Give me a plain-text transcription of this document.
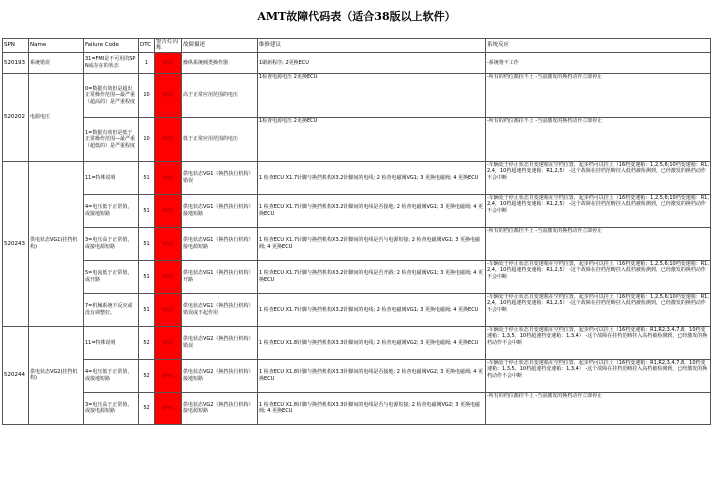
AMT故障代码表（适合38版以上软件）
SPN	Name	Failure Code	DTC	警告灯闪烁	故障描述	维修建议	系统反应
520193	系统错误	31=FMI是不可用的SPN或存在的状态	1	警告灯	操纵系统阀类操作器	1刷新程序; 2更换ECU	-系统将不工作
520202	电源电压	0=数据有效但是超出正常操作范围—最严重（超高的）是严重程度	10	警告灯	高于正常应用范围的电压	1检查电源电压 2更换ECU	-所有的档位都挂不上 -当前激发的换档动作立即停止
		1=数据有效但是低于正常操作范围—最严重（超低的）是严重程度	10	警告灯	低于正常应用范围的电压	1检查电源电压 2更换ECU	-所有的档位都挂不上 -当前激发的换档动作立即停止
520243	供电状态VG1(挂挡机构)	11=特殊说明	51	警告灯	供电状态VG1（换挡执行机构）错误	1 检查ECU X1.7针脚与换挡机构X3.2针脚间的电线; 2 检查电磁阀VG1; 3 更换电磁阀; 4 更换ECU	-车辆处于停止状态且变速箱在空档位置，起步档可以挂上（16档变速箱：1,2,5,6;10档变速箱：R1,2,4，10档超速档变速箱：R1,2,5） -这个故障在挂档范畴挂入低档被检测到，已经激发的换档动作不会中断
		4=电压低于正常值，或接地短路	51	警告灯	供电状态VG1（换挡执行机构）接地短路	1 检查ECU X1.7针脚与换挡机构X3.2针脚间的电线是否接地; 2 检查电磁阀VG1; 3 更换电磁阀; 4 更换ECU	-车辆处于停止状态且变速箱在空档位置，起步档可以挂上（16档变速箱：1,2,5,6;10档变速箱：R1,2,4，10档超速档变速箱：R1,2,5） -这个故障在挂档范畴挂入低档被检测到，已经激发的换档动作不会中断
		3=电压高于正常值，或接电源短路	51	警告灯	供电状态VG1（换挡执行机构）接电源短路	1 检查ECU X1.7针脚与换挡机构X3.2针脚间的电线是否与电源短接; 2 检查电磁阀VG1; 3 更换电磁阀; 4 更换ECU	-所有的档位都挂不上 -当前激发的换档动作立即停止
		5=电流低于正常值，或开路	51	警告灯	供电状态VG1（换挡执行机构）开路	1 检查ECU X1.7针脚与换挡机构X3.2针脚间的电线是否开路; 2 检查电磁阀VG1; 3 更换电磁阀; 4 更换ECU	-车辆处于停止状态且变速箱在空档位置，起步档可以挂上（16档变速箱：1,2,5,6;10档变速箱：R1,2,4，10档超速档变速箱：R1,2,5） -这个故障在挂档范畴挂入低档被检测到，已经激发的换档动作不会中断
		7=机械系统不反应或没有调整好。	51	警告灯	供电状态VG1（换挡执行机构）错误或不起作用	1 检查ECU X1.7针脚与换挡机构X3.2针脚间的电线; 2 检查电磁阀VG1; 3 更换电磁阀; 4 更换ECU	-车辆处于停止状态且变速箱在空档位置，起步档可以挂上（16档变速箱：1,2,5,6;10档变速箱：R1,2,4，10档超速档变速箱：R1,2,5） -这个故障在挂档范畴挂入低档被检测到，已经激发的换档动作不会中断
520244	供电状态VG2(挂挡机构)	11=特殊说明	52	警告灯	供电状态VG2（换挡执行机构）错误	1 检查ECU X1.8针脚与换挡机构X3.3针脚间的电线; 2 检查电磁阀VG2; 3 更换电磁阀; 4 更换ECU	-车辆处于停止状态且变速箱在空档位置，起步档可以挂上（16档变速箱：R1,R2,3,4,7,8，10档变速箱：1,3,5，10档超速档变速箱：1,3,4） -这个故障在挂档范畴挂入高档被检测到，已经激发的换档动作不会中断
		4=电压低于正常值，或接地短路	52	警告灯	供电状态VG2（换挡执行机构）接地短路	1 检查ECU X1.8针脚与换挡机构X3.3针脚间的电线是否接地; 2 检查电磁阀VG2; 3 更换电磁阀; 4 更换ECU	-车辆处于停止状态且变速箱在空档位置，起步档可以挂上（16档变速箱：R1,R2,3,4,7,8，10档变速箱：1,3,5，10档超速档变速箱：1,3,4） -这个故障在挂档范畴挂入高档被检测到，已经激发的换档动作不会中断
		3=电压高于正常值，或接电源短路	52	警告灯	供电状态VG2（换挡执行机构）接电源短路	1 检查ECU X1.8针脚与换挡机构X3.3针脚间的电线是否与电源短接; 2 检查电磁阀VG2; 3 更换电磁阀; 4 更换ECU	-所有的档位都挂不上 -当前激发的换档动作立即停止
